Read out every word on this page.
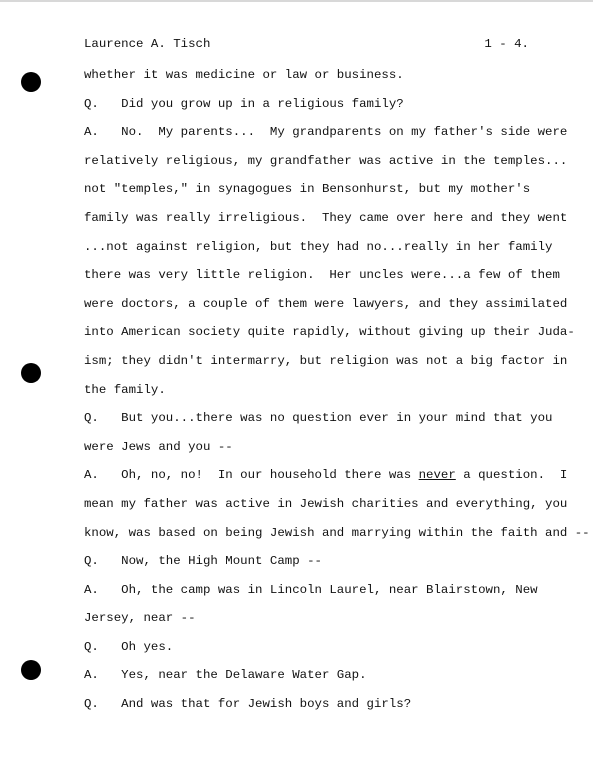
Laurence A. Tisch	1 - 4.
whether it was medicine or law or business.
Q.   Did you grow up in a religious family?
A.   No.  My parents...  My grandparents on my father's side were
relatively religious, my grandfather was active in the temples...
not "temples," in synagogues in Bensonhurst, but my mother's
family was really irreligious.  They came over here and they went
...not against religion, but they had no...really in her family
there was very little religion.  Her uncles were...a few of them
were doctors, a couple of them were lawyers, and they assimilated
into American society quite rapidly, without giving up their Juda-
ism; they didn't intermarry, but religion was not a big factor in
the family.
Q.   But you...there was no question ever in your mind that you
were Jews and you --
A.   Oh, no, no!  In our household there was never a question.  I
mean my father was active in Jewish charities and everything, you
know, was based on being Jewish and marrying within the faith and --
Q.   Now, the High Mount Camp --
A.   Oh, the camp was in Lincoln Laurel, near Blairstown, New
Jersey, near --
Q.   Oh yes.
A.   Yes, near the Delaware Water Gap.
Q.   And was that for Jewish boys and girls?
